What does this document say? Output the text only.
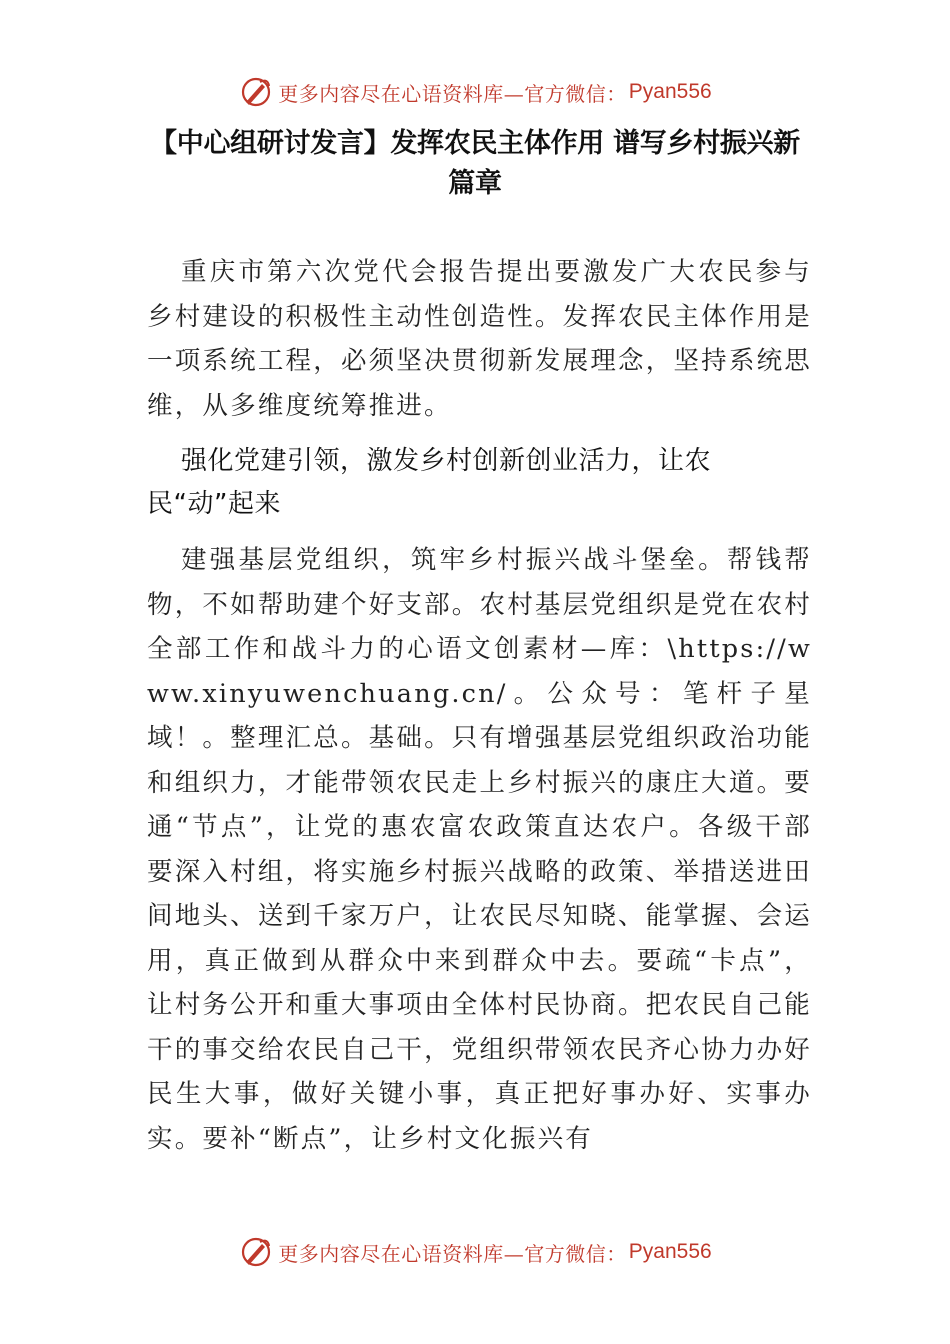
更多内容尽在心语资料库—官方微信： Pyan556
【中心组研讨发言】发挥农民主体作用 谱写乡村振兴新篇章

重庆市第六次党代会报告提出要激发广大农民参与乡村建设的积极性主动性创造性。发挥农民主体作用是一项系统工程，必须坚决贯彻新发展理念，坚持系统思维，从多维度统筹推进。

强化党建引领，激发乡村创新创业活力，让农民“动”起来

建强基层党组织，筑牢乡村振兴战斗堡垒。帮钱帮物，不如帮助建个好支部。农村基层党组织是党在农村全部工作和战斗力的心语文创素材—库：\https://www.xinyuwenchuang.cn/。公众号：笔杆子星域！。整理汇总。基础。只有增强基层党组织政治功能和组织力，才能带领农民走上乡村振兴的康庄大道。要通“节点”，让党的惠农富农政策直达农户。各级干部要深入村组，将实施乡村振兴战略的政策、举措送进田间地头、送到千家万户，让农民尽知晓、能掌握、会运用，真正做到从群众中来到群众中去。要疏“卡点”，让村务公开和重大事项由全体村民协商。把农民自己能干的事交给农民自己干，党组织带领农民齐心协力办好民生大事，做好关键小事，真正把好事办好、实事办实。要补“断点”，让乡村文化振兴有

更多内容尽在心语资料库—官方微信： Pyan556
